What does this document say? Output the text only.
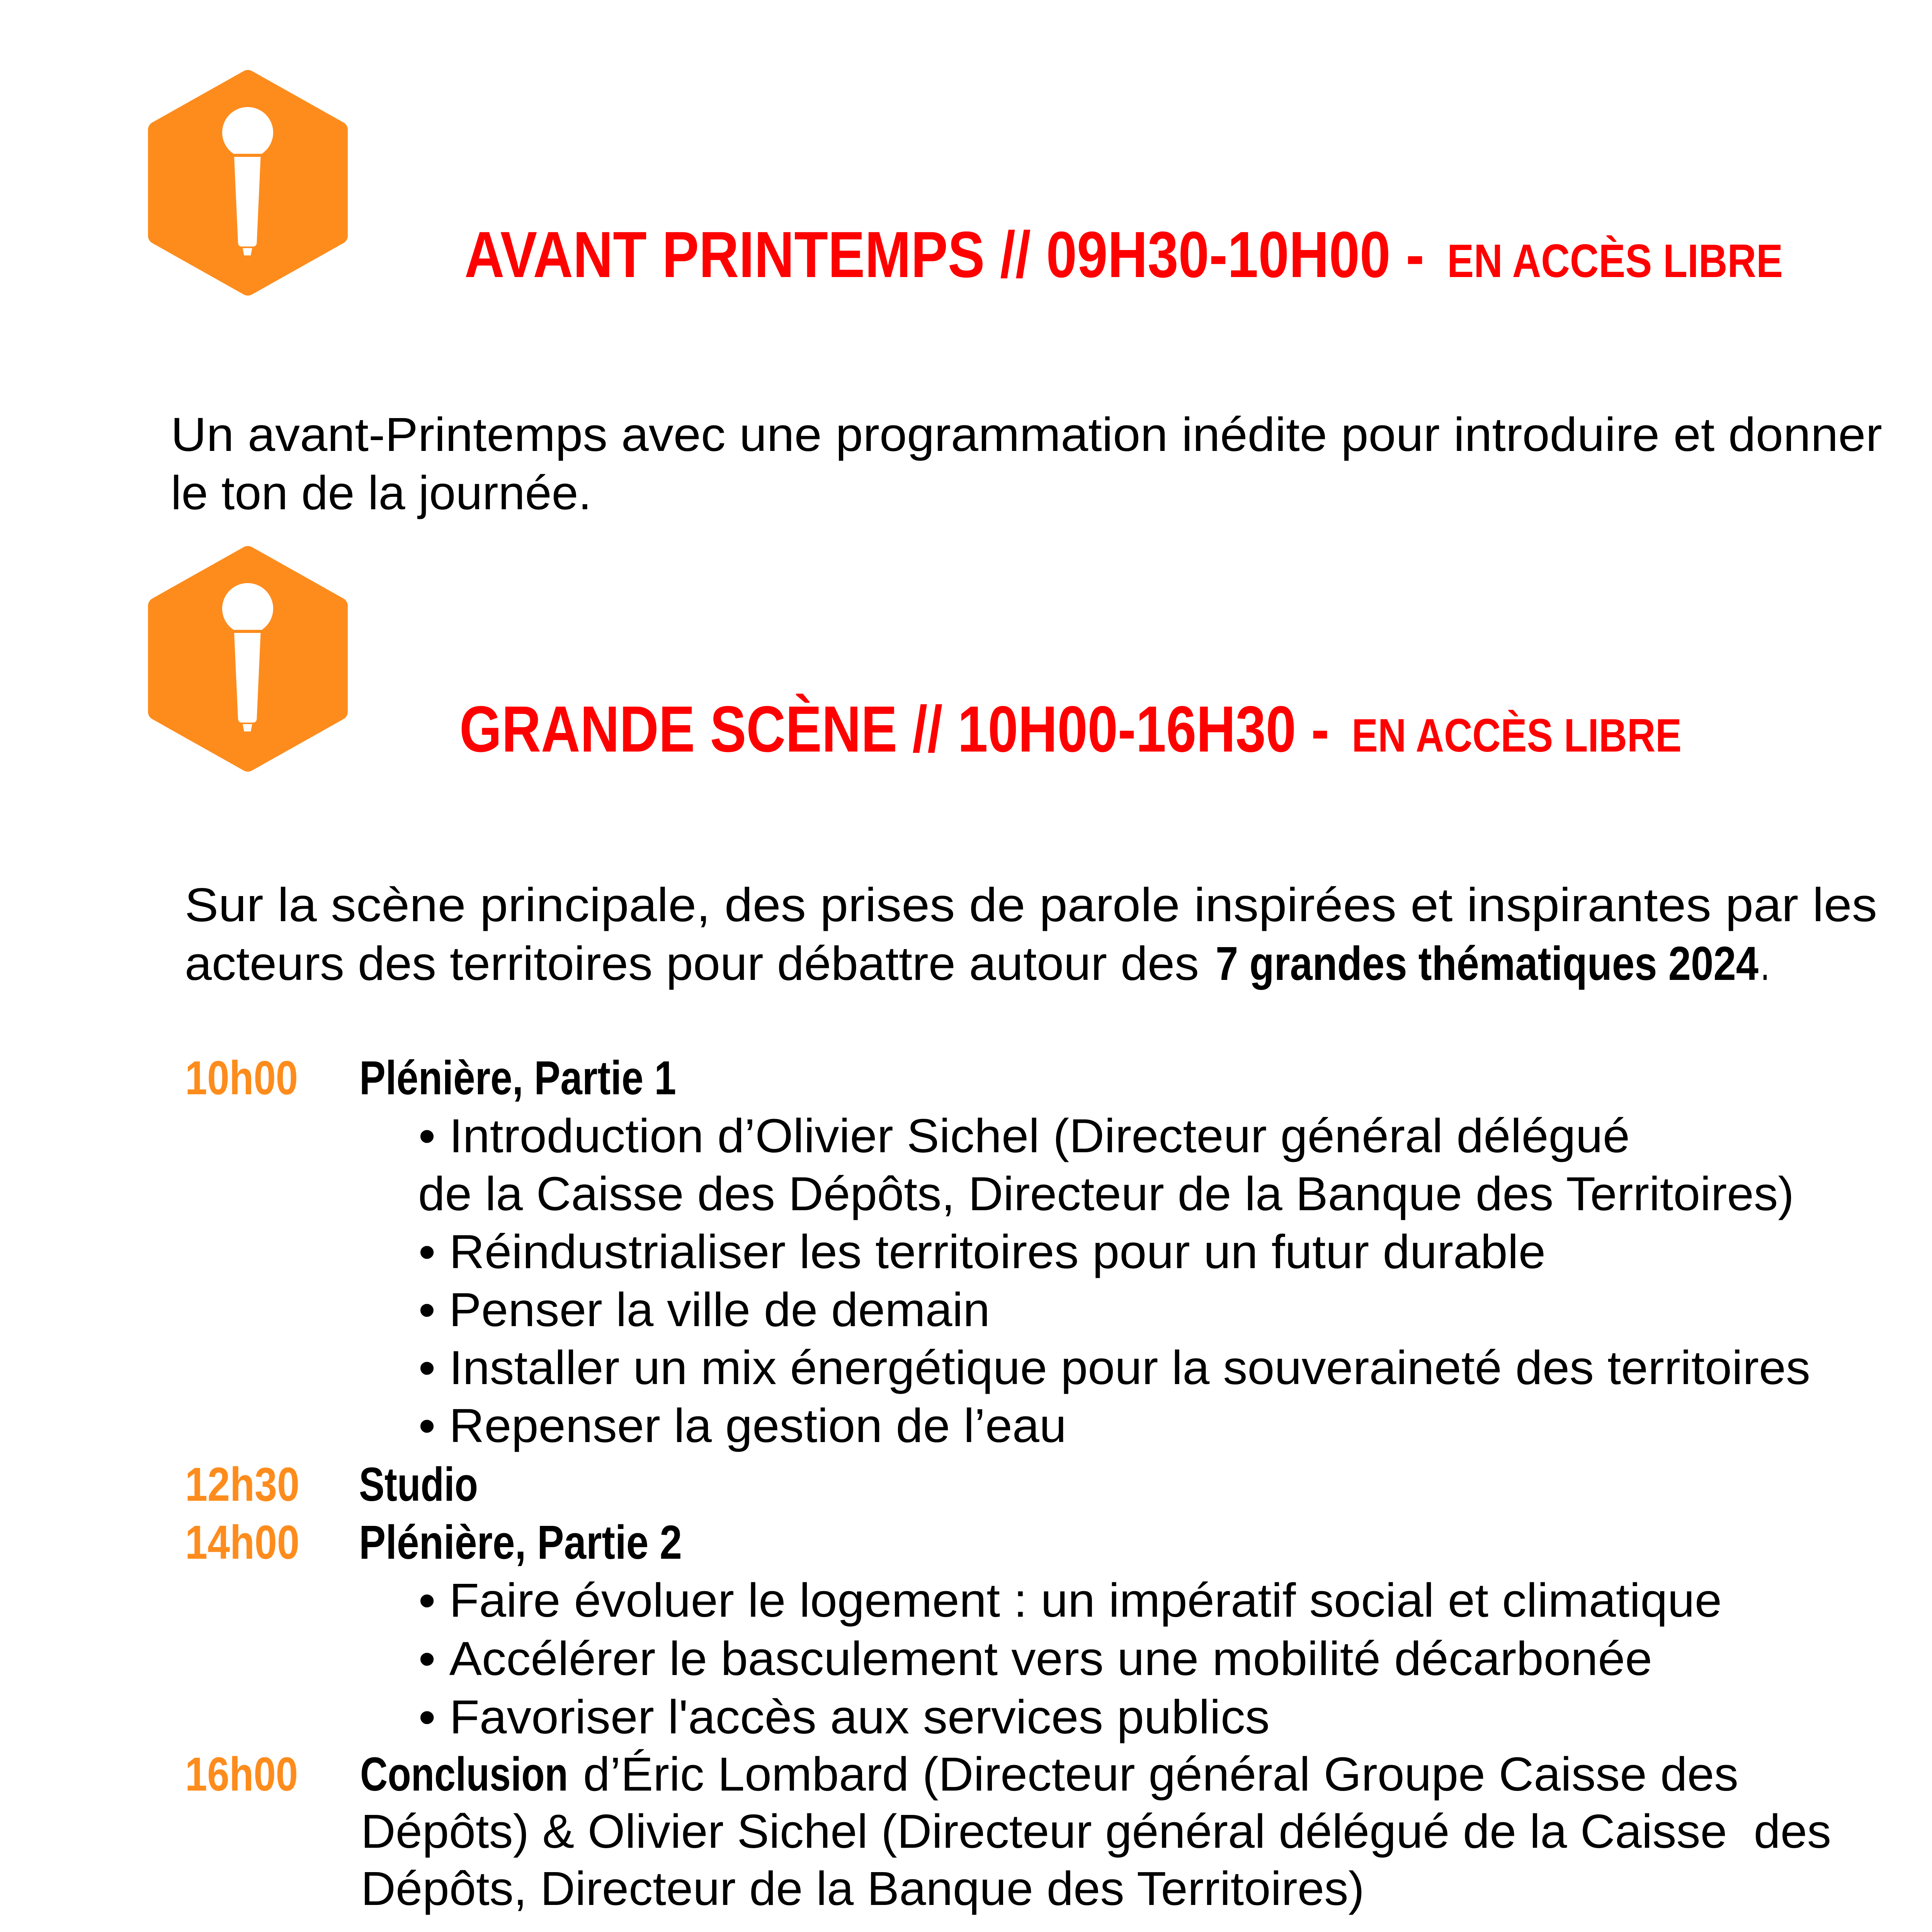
AVANT PRINTEMPS // 09H30-10H00 - EN ACCÈS LIBRE

Un avant-Printemps avec une programmation inédite pour introduire et donner

le ton de la journée.

GRANDE SCÈNE // 10H00-16H30 - EN ACCÈS LIBRE

Sur la scène principale, des prises de parole inspirées et inspirantes par les

acteurs des territoires pour débattre autour des 7 grandes thématiques 2024 .

10h00	Plénière, Partie 1

• Introduction d’Olivier Sichel (Directeur général délégué

de la Caisse des Dépôts, Directeur de la Banque des Territoires)

• Réindustrialiser les territoires pour un futur durable

• Penser la ville de demain

• Installer un mix énergétique pour la souveraineté des territoires

• Repenser la gestion de l’eau

12h30	Studio

14h00	Plénière, Partie 2

• Faire évoluer le logement : un impératif social et climatique

• Accélérer le basculement vers une mobilité décarbonée

• Favoriser l'accès aux services publics

16h00	Conclusion d’Éric Lombard (Directeur général Groupe Caisse des

Dépôts) & Olivier Sichel (Directeur général délégué de la Caisse  des

Dépôts, Directeur de la Banque des Territoires)
